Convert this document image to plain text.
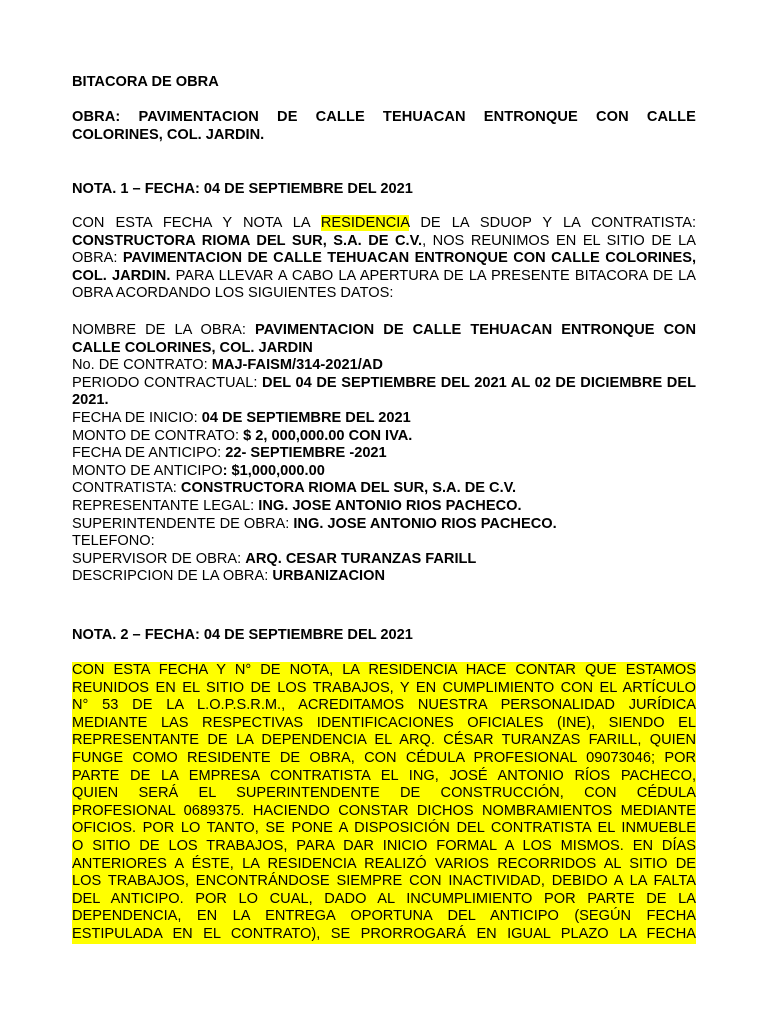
BITACORA DE OBRA

OBRA: PAVIMENTACION DE CALLE TEHUACAN ENTRONQUE CON CALLE

COLORINES, COL. JARDIN.

NOTA. 1 – FECHA: 04 DE SEPTIEMBRE DEL 2021
CON ESTA FECHA Y NOTA LA RESIDENCIA DE LA SDUOP Y LA CONTRATISTA: CONSTRUCTORA RIOMA DEL SUR, S.A. DE C.V., NOS REUNIMOS EN EL SITIO DE LA OBRA: PAVIMENTACION DE CALLE TEHUACAN ENTRONQUE CON CALLE COLORINES, COL. JARDIN. PARA LLEVAR A CABO LA APERTURA DE LA PRESENTE BITACORA DE LA OBRA ACORDANDO LOS SIGUIENTES DATOS:
NOMBRE DE LA OBRA: PAVIMENTACION DE CALLE TEHUACAN ENTRONQUE CON CALLE COLORINES, COL. JARDIN
No. DE CONTRATO: MAJ-FAISM/314-2021/AD
PERIODO CONTRACTUAL: DEL 04 DE SEPTIEMBRE DEL 2021 AL 02 DE DICIEMBRE DEL 2021.
FECHA DE INICIO: 04 DE SEPTIEMBRE DEL 2021
MONTO DE CONTRATO: $ 2, 000,000.00 CON IVA.
FECHA DE ANTICIPO: 22- SEPTIEMBRE -2021
MONTO DE ANTICIPO: $1,000,000.00
CONTRATISTA: CONSTRUCTORA RIOMA DEL SUR, S.A. DE C.V.
REPRESENTANTE LEGAL: ING. JOSE ANTONIO RIOS PACHECO.
SUPERINTENDENTE DE OBRA: ING. JOSE ANTONIO RIOS PACHECO.
TELEFONO:
SUPERVISOR DE OBRA: ARQ. CESAR TURANZAS FARILL
DESCRIPCION DE LA OBRA: URBANIZACION
NOTA. 2 – FECHA: 04 DE SEPTIEMBRE DEL 2021

CON ESTA FECHA Y N° DE NOTA, LA RESIDENCIA HACE CONTAR QUE ESTAMOS

REUNIDOS EN EL SITIO DE LOS TRABAJOS, Y EN CUMPLIMIENTO CON EL ARTÍCULO

N° 53 DE LA L.O.P.S.R.M., ACREDITAMOS NUESTRA PERSONALIDAD JURÍDICA

MEDIANTE LAS RESPECTIVAS IDENTIFICACIONES OFICIALES (INE), SIENDO EL

REPRESENTANTE DE LA DEPENDENCIA EL ARQ. CÉSAR TURANZAS FARILL, QUIEN

FUNGE COMO RESIDENTE DE OBRA, CON CÉDULA PROFESIONAL 09073046; POR

PARTE DE LA EMPRESA CONTRATISTA EL ING, JOSÉ ANTONIO RÍOS PACHECO,

QUIEN SERÁ EL SUPERINTENDENTE DE CONSTRUCCIÓN, CON CÉDULA

PROFESIONAL 0689375. HACIENDO CONSTAR DICHOS NOMBRAMIENTOS MEDIANTE

OFICIOS. POR LO TANTO, SE PONE A DISPOSICIÓN DEL CONTRATISTA EL INMUEBLE

O SITIO DE LOS TRABAJOS, PARA DAR INICIO FORMAL A LOS MISMOS. EN DÍAS

ANTERIORES A ÉSTE, LA RESIDENCIA REALIZÓ VARIOS RECORRIDOS AL SITIO DE

LOS TRABAJOS, ENCONTRÁNDOSE SIEMPRE CON INACTIVIDAD, DEBIDO A LA FALTA

DEL ANTICIPO. POR LO CUAL, DADO AL INCUMPLIMIENTO POR PARTE DE LA

DEPENDENCIA, EN LA ENTREGA OPORTUNA DEL ANTICIPO (SEGÚN FECHA

ESTIPULADA EN EL CONTRATO), SE PRORROGARÁ EN IGUAL PLAZO LA FECHA
